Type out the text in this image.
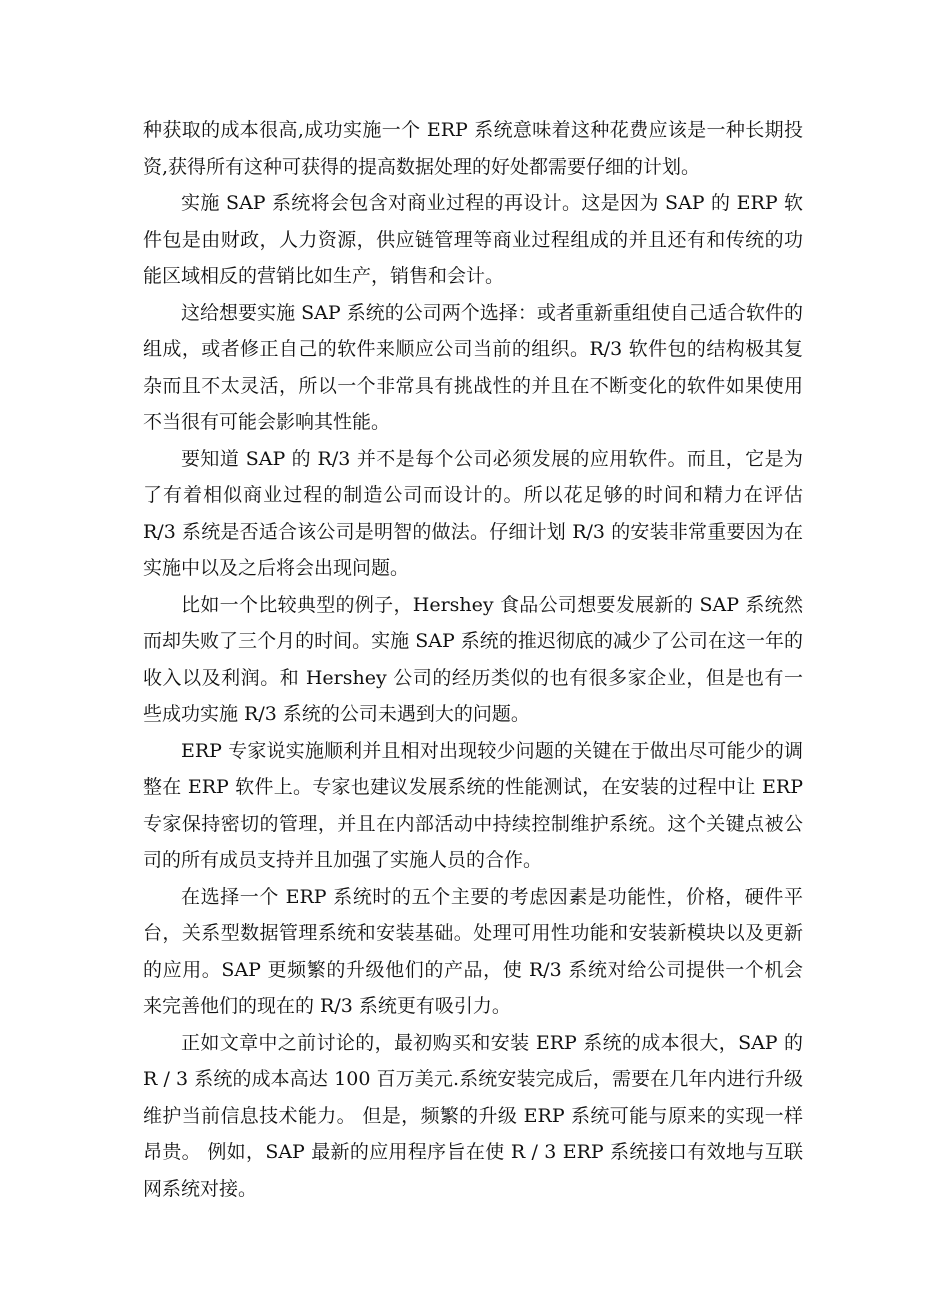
种获取的成本很高,成功实施一个 ERP 系统意味着这种花费应该是一种长期投资,获得所有这种可获得的提高数据处理的好处都需要仔细的计划。

实施 SAP 系统将会包含对商业过程的再设计。这是因为 SAP 的 ERP 软件包是由财政，人力资源，供应链管理等商业过程组成的并且还有和传统的功能区域相反的营销比如生产，销售和会计。

这给想要实施 SAP 系统的公司两个选择：或者重新重组使自己适合软件的组成，或者修正自己的软件来顺应公司当前的组织。R/3 软件包的结构极其复杂而且不太灵活，所以一个非常具有挑战性的并且在不断变化的软件如果使用不当很有可能会影响其性能。

要知道 SAP 的 R/3 并不是每个公司必须发展的应用软件。而且，它是为了有着相似商业过程的制造公司而设计的。所以花足够的时间和精力在评估 R/3 系统是否适合该公司是明智的做法。仔细计划 R/3 的安装非常重要因为在实施中以及之后将会出现问题。

比如一个比较典型的例子，Hershey 食品公司想要发展新的 SAP 系统然而却失败了三个月的时间。实施 SAP 系统的推迟彻底的减少了公司在这一年的收入以及利润。和 Hershey 公司的经历类似的也有很多家企业，但是也有一些成功实施 R/3 系统的公司未遇到大的问题。

ERP 专家说实施顺利并且相对出现较少问题的关键在于做出尽可能少的调整在 ERP 软件上。专家也建议发展系统的性能测试，在安装的过程中让 ERP 专家保持密切的管理，并且在内部活动中持续控制维护系统。这个关键点被公司的所有成员支持并且加强了实施人员的合作。

在选择一个 ERP 系统时的五个主要的考虑因素是功能性，价格，硬件平台，关系型数据管理系统和安装基础。处理可用性功能和安装新模块以及更新的应用。SAP 更频繁的升级他们的产品，使 R/3 系统对给公司提供一个机会来完善他们的现在的 R/3 系统更有吸引力。

正如文章中之前讨论的，最初购买和安装 ERP 系统的成本很大，SAP 的 R / 3 系统的成本高达 100 百万美元.系统安装完成后，需要在几年内进行升级维护当前信息技术能力。 但是，频繁的升级 ERP 系统可能与原来的实现一样昂贵。 例如，SAP 最新的应用程序旨在使 R / 3 ERP 系统接口有效地与互联网系统对接。
